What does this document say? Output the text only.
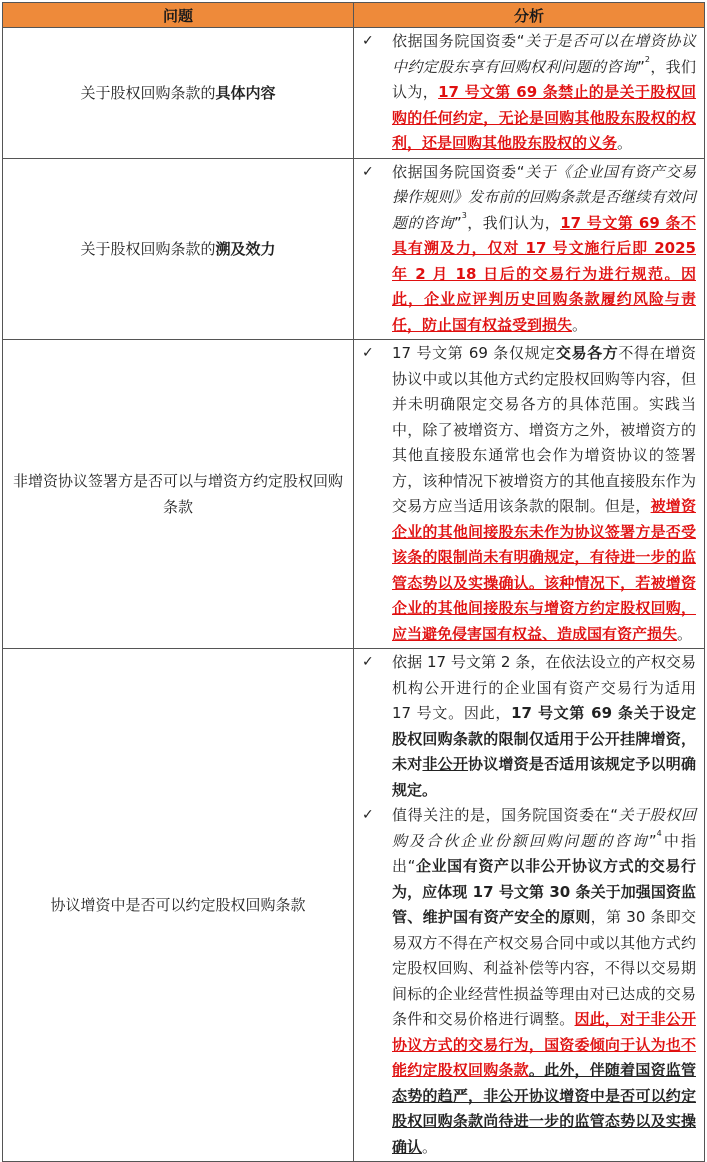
问题	分析
关于股权回购条款的具体内容	✓ 依据国务院国资委“关于是否可以在增资协议中约定股东享有回购权利问题的咨询”$^2$，我们认为，17 号文第 69 条禁止的是关于股权回购的任何约定，无论是回购其他股东股权的权利，还是回购其他股东股权的义务。

关于股权回购条款的溯及效力	✓ 依据国务院国资委“关于《企业国有资产交易操作规则》发布前的回购条款是否继续有效问题的咨询”$^3$，我们认为，17 号文第 69 条不具有溯及力，仅对 17 号文施行后即 2025 年 2 月 18 日后的交易行为进行规范。因此，企业应评判历史回购条款履约风险与责任，防止国有权益受到损失。

非增资协议签署方是否可以与增资方约定股权回购条款	✓ 17 号文第 69 条仅规定交易各方不得在增资协议中或以其他方式约定股权回购等内容，但并未明确限定交易各方的具体范围。实践当中，除了被增资方、增资方之外，被增资方的其他直接股东通常也会作为增资协议的签署方，该种情况下被增资方的其他直接股东作为交易方应当适用该条款的限制。但是，被增资企业的其他间接股东未作为协议签署方是否受该条的限制尚未有明确规定，有待进一步的监管态势以及实操确认。该种情况下，若被增资企业的其他间接股东与增资方约定股权回购，应当避免侵害国有权益、造成国有资产损失。

协议增资中是否可以约定股权回购条款	✓ 依据 17 号文第 2 条，在依法设立的产权交易机构公开进行的企业国有资产交易行为适用 17 号文。因此，17 号文第 69 条关于设定股权回购条款的限制仅适用于公开挂牌增资，未对非公开协议增资是否适用该规定予以明确规定。
✓ 值得关注的是，国务院国资委在“关于股权回购及合伙企业份额回购问题的咨询”$^4$中指出“企业国有资产以非公开协议方式的交易行为，应体现 17 号文第 30 条关于加强国资监管、维护国有资产安全的原则，第 30 条即交易双方不得在产权交易合同中或以其他方式约定股权回购、利益补偿等内容，不得以交易期间标的企业经营性损益等理由对已达成的交易条件和交易价格进行调整。因此，对于非公开协议方式的交易行为，国资委倾向于认为也不能约定股权回购条款。此外，伴随着国资监管态势的趋严，非公开协议增资中是否可以约定股权回购条款尚待进一步的监管态势以及实操确认。
